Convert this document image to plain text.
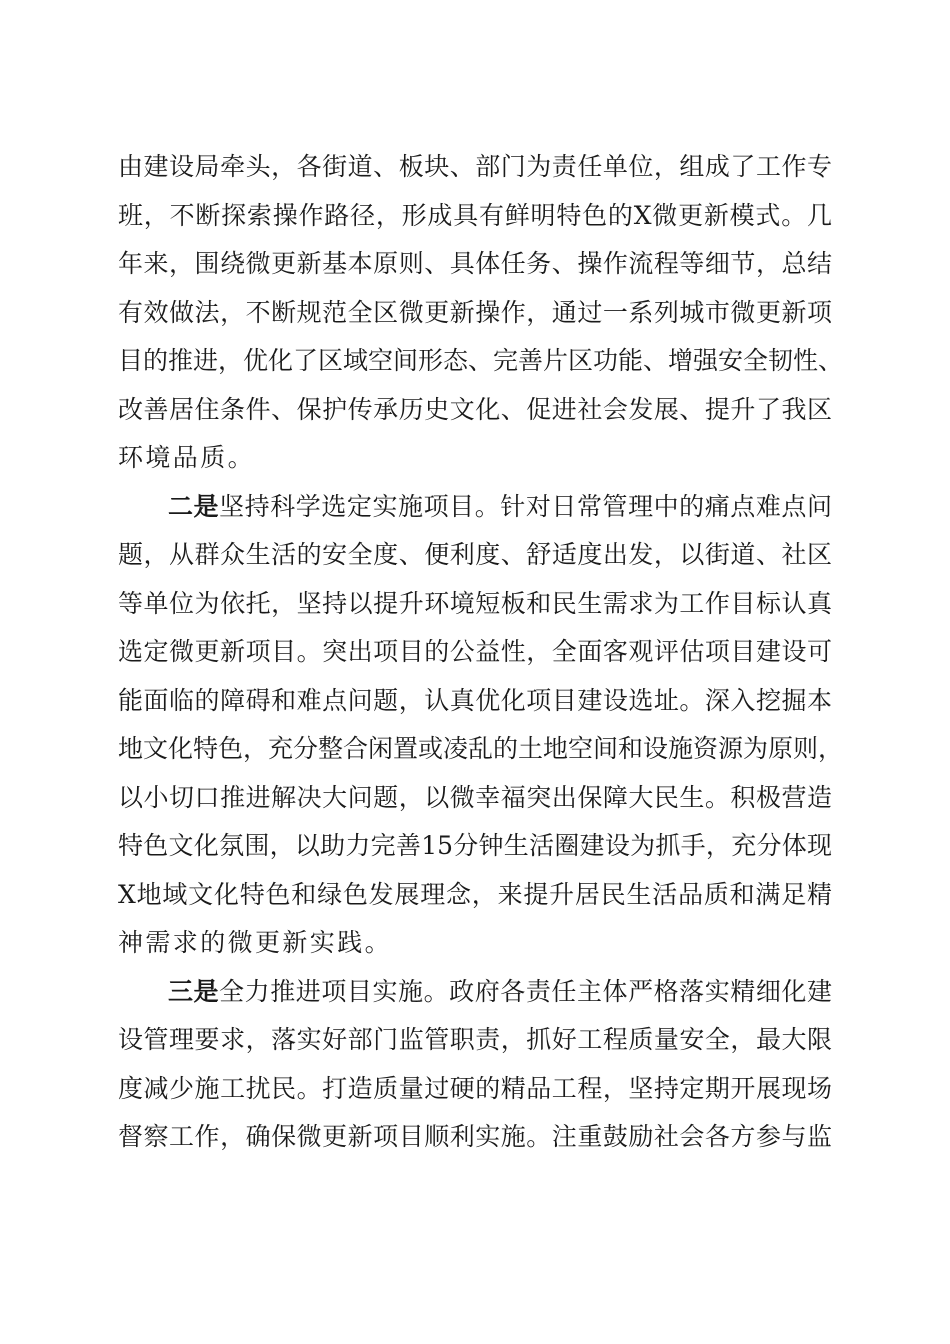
由建设局牵头，各街道、板块、部门为责任单位，组成了工作专
班，不断探索操作路径，形成具有鲜明特色的X微更新模式。几
年来，围绕微更新基本原则、具体任务、操作流程等细节，总结
有效做法，不断规范全区微更新操作，通过一系列城市微更新项
目的推进，优化了区域空间形态、完善片区功能、增强安全韧性、
改善居住条件、保护传承历史文化、促进社会发展、提升了我区
环境品质。
二是坚持科学选定实施项目。针对日常管理中的痛点难点问
题，从群众生活的安全度、便利度、舒适度出发，以街道、社区
等单位为依托，坚持以提升环境短板和民生需求为工作目标认真
选定微更新项目。突出项目的公益性，全面客观评估项目建设可
能面临的障碍和难点问题，认真优化项目建设选址。深入挖掘本
地文化特色，充分整合闲置或凌乱的土地空间和设施资源为原则，
以小切口推进解决大问题，以微幸福突出保障大民生。积极营造
特色文化氛围，以助力完善15分钟生活圈建设为抓手，充分体现
X地域文化特色和绿色发展理念，来提升居民生活品质和满足精
神需求的微更新实践。
三是全力推进项目实施。政府各责任主体严格落实精细化建
设管理要求，落实好部门监管职责，抓好工程质量安全，最大限
度减少施工扰民。打造质量过硬的精品工程，坚持定期开展现场
督察工作，确保微更新项目顺利实施。注重鼓励社会各方参与监
